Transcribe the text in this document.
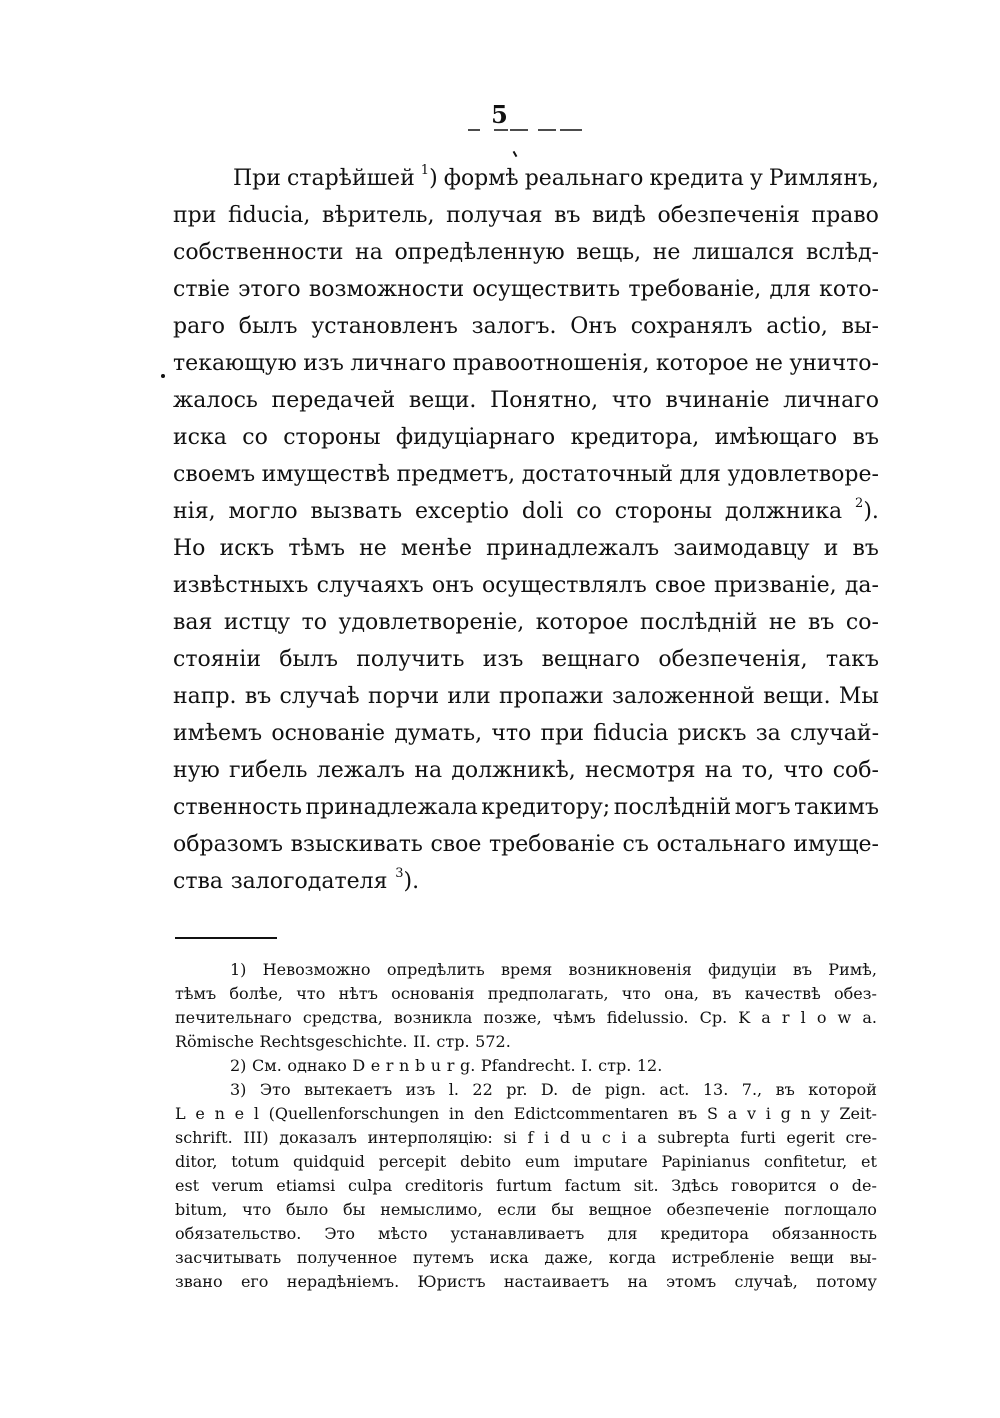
5
При старѣйшей $^1$) формѣ реальнаго кредита у Римлянъ,
при fiducia, вѣритель, получая въ видѣ обезпеченія право
собственности на опредѣленную вещь, не лишался вслѣд-
ствіе этого возможности осуществить требованіе, для кото-
раго былъ установленъ залогъ. Онъ сохранялъ actio, вы-
текающую изъ личнаго правоотношенія, которое не уничто-
жалось передачей вещи. Понятно, что вчинаніе личнаго
иска со стороны фидуціарнаго кредитора, имѣющаго въ
своемъ имуществѣ предметъ, достаточный для удовлетворе-
нія, могло вызвать exceptio doli со стороны должника $^2$).
Но искъ тѣмъ не менѣе принадлежалъ заимодавцу и въ
извѣстныхъ случаяхъ онъ осуществлялъ свое призваніе, да-
вая истцу то удовлетвореніе, которое послѣдній не въ со-
стояніи былъ получить изъ вещнаго обезпеченія, такъ
напр. въ случаѣ порчи или пропажи заложенной вещи. Мы
имѣемъ основаніе думать, что при fiducia рискъ за случай-
ную гибель лежалъ на должникѣ, несмотря на то, что соб-
ственность принадлежала кредитору; послѣдній могъ такимъ
образомъ взыскивать свое требованіе съ остальнаго имуще-
ства залогодателя $^3$).
1) Невозможно опредѣлить время возникновенія фидуціи въ Римѣ,
тѣмъ болѣе, что нѣтъ основанія предполагать, что она, въ качествѣ обез-
печительнаго средства, возникла позже, чѣмъ fidelussio. Ср. K a r l o w a.
Römische Rechtsgeschichte. II. стр. 572.
2) См. однако D e r n b u r g. Pfandrecht. I. стр. 12.
3) Это вытекаетъ изъ l. 22 pr. D. de pign. act. 13. 7., въ которой
L e n e l (Quellenforschungen in den Edictcommentaren въ S a v i g n y Zeit-
schrift. III) доказалъ интерполяцію: si f i d u c i a subrepta furti egerit cre-
ditor, totum quidquid percepit debito eum imputare Papinianus confitetur, et
est verum etiamsi culpa creditoris furtum factum sit. Здѣсь говорится о de-
bitum, что было бы немыслимо, если бы вещное обезпеченіе поглощало
обязательство. Это мѣсто устанавливаетъ для кредитора обязанность
засчитывать полученное путемъ иска даже, когда истребленіе вещи вы-
звано его нерадѣніемъ. Юристъ настаиваетъ на этомъ случаѣ, потому
